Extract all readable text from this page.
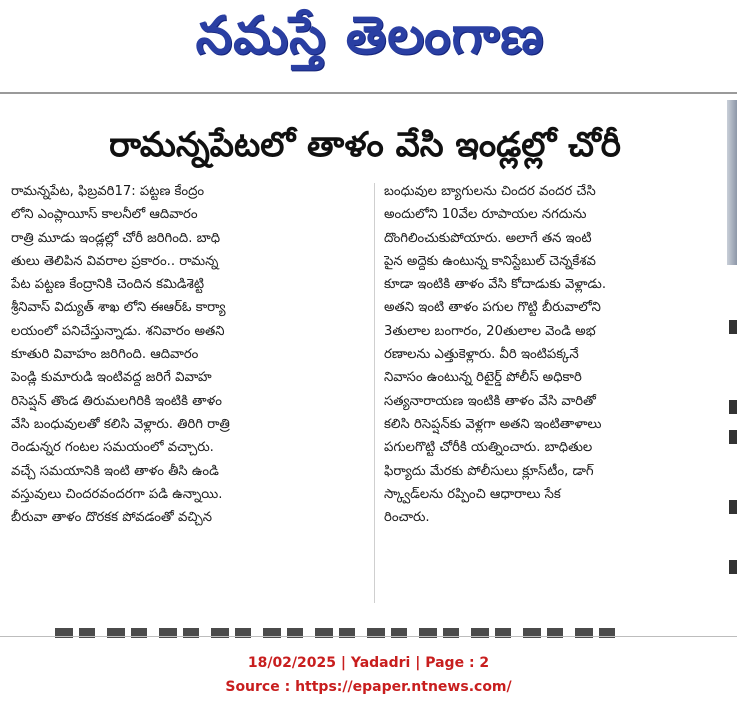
నమస్తే తెలంగాణ
రామన్నపేటలో తాళం వేసి ఇండ్లల్లో చోరీ
రామన్నపేట, ఫిబ్రవరి17: పట్టణ కేంద్రం
లోని ఎంప్లాయీస్ కాలనీలో ఆదివారం
రాత్రి మూడు ఇండ్లల్లో చోరీ జరిగింది. బాధి
తులు తెలిపిన వివరాల ప్రకారం.. రామన్న
పేట పట్టణ కేంద్రానికి చెందిన కమిడిశెట్టి
శ్రీనివాస్ విద్యుత్ శాఖ లోని ఈఆర్‌ఓ కార్యా
లయంలో పనిచేస్తున్నాడు. శనివారం అతని
కూతురి వివాహం జరిగింది. ఆదివారం
పెండ్లి కుమారుడి ఇంటివద్ద జరిగే వివాహ
రిసెప్షన్ తొండ తిరుమలగిరికి ఇంటికి తాళం
వేసి బంధువులతో కలిసి వెళ్లారు. తిరిగి రాత్రి
రెండున్నర గంటల సమయంలో వచ్చారు.
వచ్చే సమయానికి ఇంటి తాళం తీసి ఉండి
వస్తువులు చిందరవందరగా పడి ఉన్నాయి.
బీరువా తాళం దొరకక పోవడంతో వచ్చిన
బంధువుల బ్యాగులను చిందర వందర చేసి
అందులోని 10వేల రూపాయల నగదును
దొంగిలించుకుపోయారు. అలాగే తన ఇంటి
పైన అద్దెకు ఉంటున్న కానిస్టేబుల్ చెన్నకేశవ
కూడా ఇంటికి తాళం వేసి కోదాడుకు వెళ్లాడు.
అతని ఇంటి తాళం పగుల గొట్టి బీరువాలోని
3తులాల బంగారం, 20తులాల వెండి అభ
రణాలను ఎత్తుకెళ్లారు. వీరి ఇంటిపక్కనే
నివాసం ఉంటున్న రిటైర్డ్ పోలీస్ అధికారి
సత్యనారాయణ ఇంటికి తాళం వేసి వారితో
కలిసి రిసెప్షన్‌కు వెళ్లగా అతని ఇంటితాళాలు
పగులగొట్టి చోరీకి యత్నించారు. బాధితుల
ఫిర్యాదు మేరకు పోలీసులు క్లూస్‌టీం, డాగ్
స్క్వాడ్‌లను రప్పించి ఆధారాలు సేక
రించారు.
18/02/2025 | Yadadri | Page : 2
Source : https://epaper.ntnews.com/
